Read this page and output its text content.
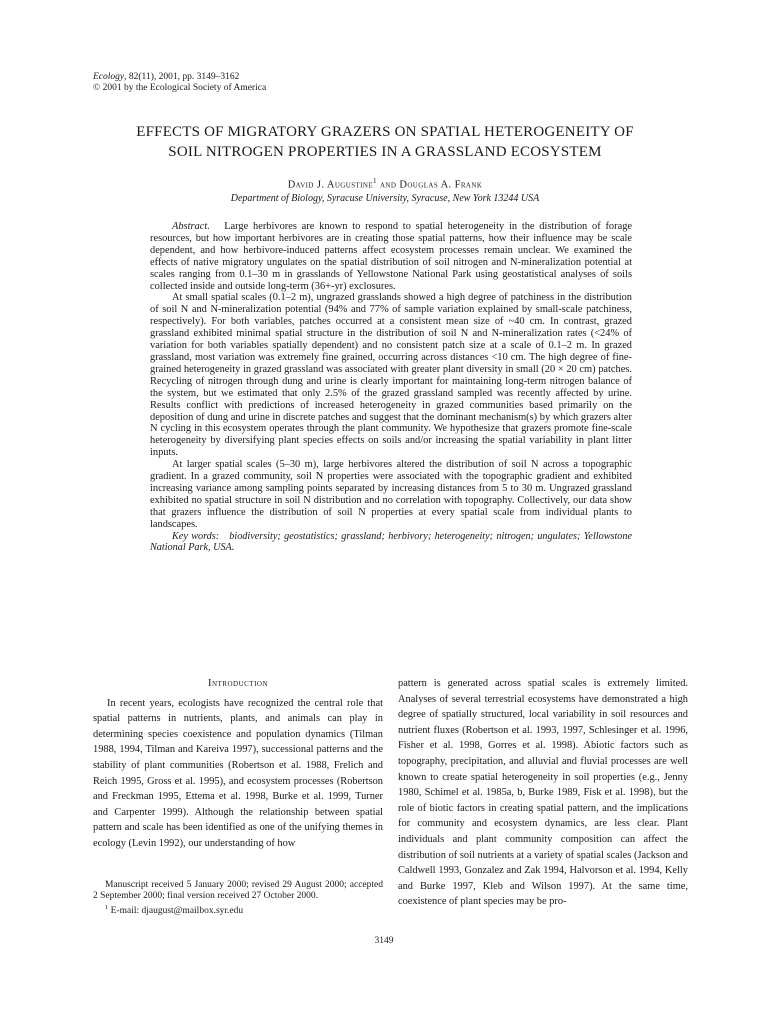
Ecology, 82(11), 2001, pp. 3149–3162
© 2001 by the Ecological Society of America
EFFECTS OF MIGRATORY GRAZERS ON SPATIAL HETEROGENEITY OF
SOIL NITROGEN PROPERTIES IN A GRASSLAND ECOSYSTEM
David J. Augustine$^1$ and Douglas A. Frank
Department of Biology, Syracuse University, Syracuse, New York 13244 USA

Abstract. Large herbivores are known to respond to spatial heterogeneity in the distribution of forage resources, but how important herbivores are in creating those spatial patterns, how their influence may be scale dependent, and how herbivore-induced patterns affect ecosystem processes remain unclear. We examined the effects of native migratory ungulates on the spatial distribution of soil nitrogen and N-mineralization potential at scales ranging from 0.1–30 m in grasslands of Yellowstone National Park using geostatistical analyses of soils collected inside and outside long-term (36+-yr) exclosures.

At small spatial scales (0.1–2 m), ungrazed grasslands showed a high degree of patchiness in the distribution of soil N and N-mineralization potential (94% and 77% of sample variation explained by small-scale patchiness, respectively). For both variables, patches occurred at a consistent mean size of ~40 cm. In contrast, grazed grassland exhibited minimal spatial structure in the distribution of soil N and N-mineralization rates (<24% of variation for both variables spatially dependent) and no consistent patch size at a scale of 0.1–2 m. In grazed grassland, most variation was extremely fine grained, occurring across distances <10 cm. The high degree of fine-grained heterogeneity in grazed grassland was associated with greater plant diversity in small (20 × 20 cm) patches. Recycling of nitrogen through dung and urine is clearly important for maintaining long-term nitrogen balance of the system, but we estimated that only 2.5% of the grazed grassland sampled was recently affected by urine. Results conflict with predictions of increased heterogeneity in grazed communities based primarily on the deposition of dung and urine in discrete patches and suggest that the dominant mechanism(s) by which grazers alter N cycling in this ecosystem operates through the plant community. We hypothesize that grazers promote fine-scale heterogeneity by diversifying plant species effects on soils and/or increasing the spatial variability in plant litter inputs.

At larger spatial scales (5–30 m), large herbivores altered the distribution of soil N across a topographic gradient. In a grazed community, soil N properties were associated with the topographic gradient and exhibited increasing variance among sampling points separated by increasing distances from 5 to 30 m. Ungrazed grassland exhibited no spatial structure in soil N distribution and no correlation with topography. Collectively, our data show that grazers influence the distribution of soil N properties at every spatial scale from individual plants to landscapes.

Key words: biodiversity; geostatistics; grassland; herbivory; heterogeneity; nitrogen; ungulates; Yellowstone National Park, USA.

Introduction

In recent years, ecologists have recognized the central role that spatial patterns in nutrients, plants, and animals can play in determining species coexistence and population dynamics (Tilman 1988, 1994, Tilman and Kareiva 1997), successional patterns and the stability of plant communities (Robertson et al. 1988, Frelich and Reich 1995, Gross et al. 1995), and ecosystem processes (Robertson and Freckman 1995, Ettema et al. 1998, Burke et al. 1999, Turner and Carpenter 1999). Although the relationship between spatial pattern and scale has been identified as one of the unifying themes in ecology (Levin 1992), our understanding of how

pattern is generated across spatial scales is extremely limited. Analyses of several terrestrial ecosystems have demonstrated a high degree of spatially structured, local variability in soil resources and nutrient fluxes (Robertson et al. 1993, 1997, Schlesinger et al. 1996, Fisher et al. 1998, Gorres et al. 1998). Abiotic factors such as topography, precipitation, and alluvial and fluvial processes are well known to create spatial heterogeneity in soil properties (e.g., Jenny 1980, Schimel et al. 1985a, b, Burke 1989, Fisk et al. 1998), but the role of biotic factors in creating spatial pattern, and the implications for community and ecosystem dynamics, are less clear. Plant individuals and plant community composition can affect the distribution of soil nutrients at a variety of spatial scales (Jackson and Caldwell 1993, Gonzalez and Zak 1994, Halvorson et al. 1994, Kelly and Burke 1997, Kleb and Wilson 1997). At the same time, coexistence of plant species may be pro-

Manuscript received 5 January 2000; revised 29 August 2000; accepted 2 September 2000; final version received 27 October 2000.

$^1$ E-mail: djaugust@mailbox.syr.edu

3149
